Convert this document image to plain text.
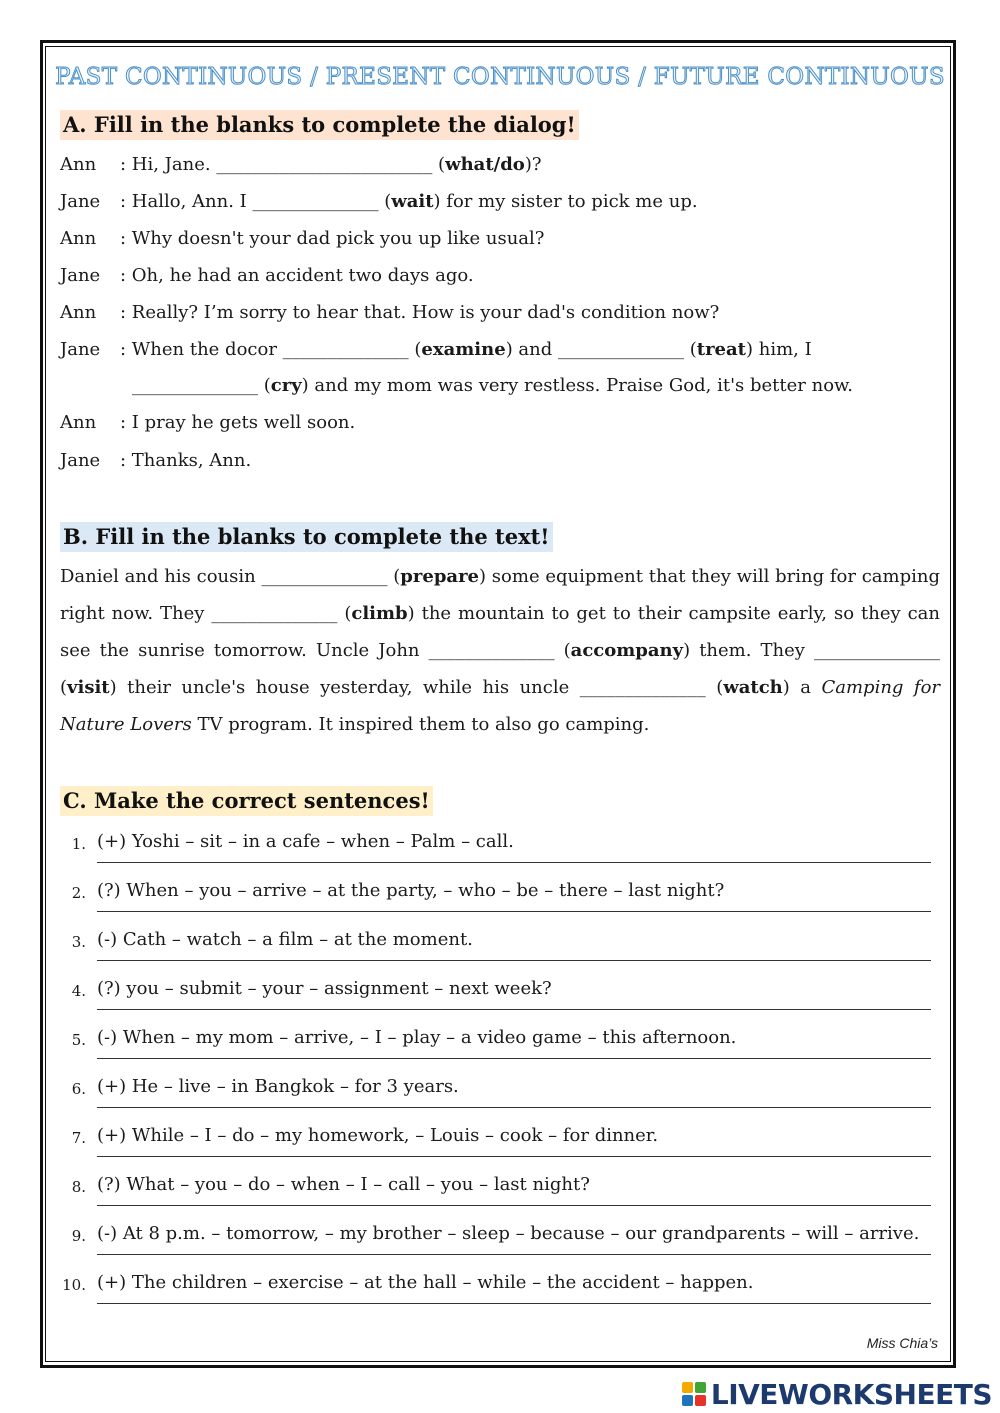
PAST CONTINUOUS / PRESENT CONTINUOUS / FUTURE CONTINUOUS
A. Fill in the blanks to complete the dialog!
Ann : Hi, Jane. ________________________ (what/do)?
Jane : Hallo, Ann. I ______________ (wait) for my sister to pick me up.
Ann : Why doesn't your dad pick you up like usual?
Jane : Oh, he had an accident two days ago.
Ann : Really? I’m sorry to hear that. How is your dad's condition now?
Jane : When the docor ______________ (examine) and ______________ (treat) him, I
______________ (cry) and my mom was very restless. Praise God, it's better now.
Ann : I pray he gets well soon.
Jane : Thanks, Ann.
B. Fill in the blanks to complete the text!
Daniel and his cousin ______________ (prepare) some equipment that they will bring for camping right now. They ______________ (climb) the mountain to get to their campsite early, so they can see the sunrise tomorrow. Uncle John ______________ (accompany) them. They ______________ (visit) their uncle's house yesterday, while his uncle ______________ (watch) a Camping for Nature Lovers TV program. It inspired them to also go camping.
C. Make the correct sentences!
1. (+) Yoshi – sit – in a cafe – when – Palm – call.
2. (?) When – you – arrive – at the party, – who – be – there – last night?
3. (-) Cath – watch – a film – at the moment.
4. (?) you – submit – your – assignment – next week?
5. (-) When – my mom – arrive, – I – play – a video game – this afternoon.
6. (+) He – live – in Bangkok – for 3 years.
7. (+) While – I – do – my homework, – Louis – cook – for dinner.
8. (?) What – you – do – when – I – call – you – last night?
9. (-) At 8 p.m. – tomorrow, – my brother – sleep – because – our grandparents – will – arrive.
10. (+) The children – exercise – at the hall – while – the accident – happen.
Miss Chia’s
LIVEWORKSHEETS
